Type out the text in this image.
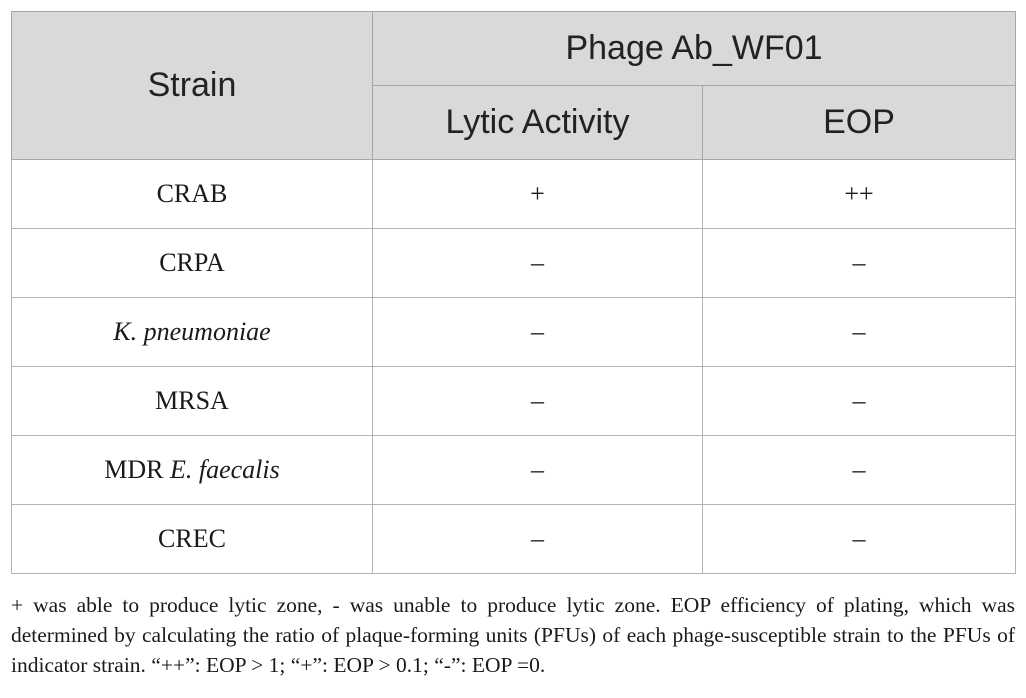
Strain	Phage Ab_WF01	
	Lytic Activity	EOP
CRAB	+	++
CRPA	–	–
K. pneumoniae	–	–
MRSA	–	–
MDR E. faecalis	–	–
CREC	–	–

+ was able to produce lytic zone, - was unable to produce lytic zone. EOP efficiency of plating, which was determined by calculating the ratio of plaque-forming units (PFUs) of each phage-susceptible strain to the PFUs of indicator strain. “++”: EOP > 1; “+”: EOP > 0.1; “-”: EOP =0.
